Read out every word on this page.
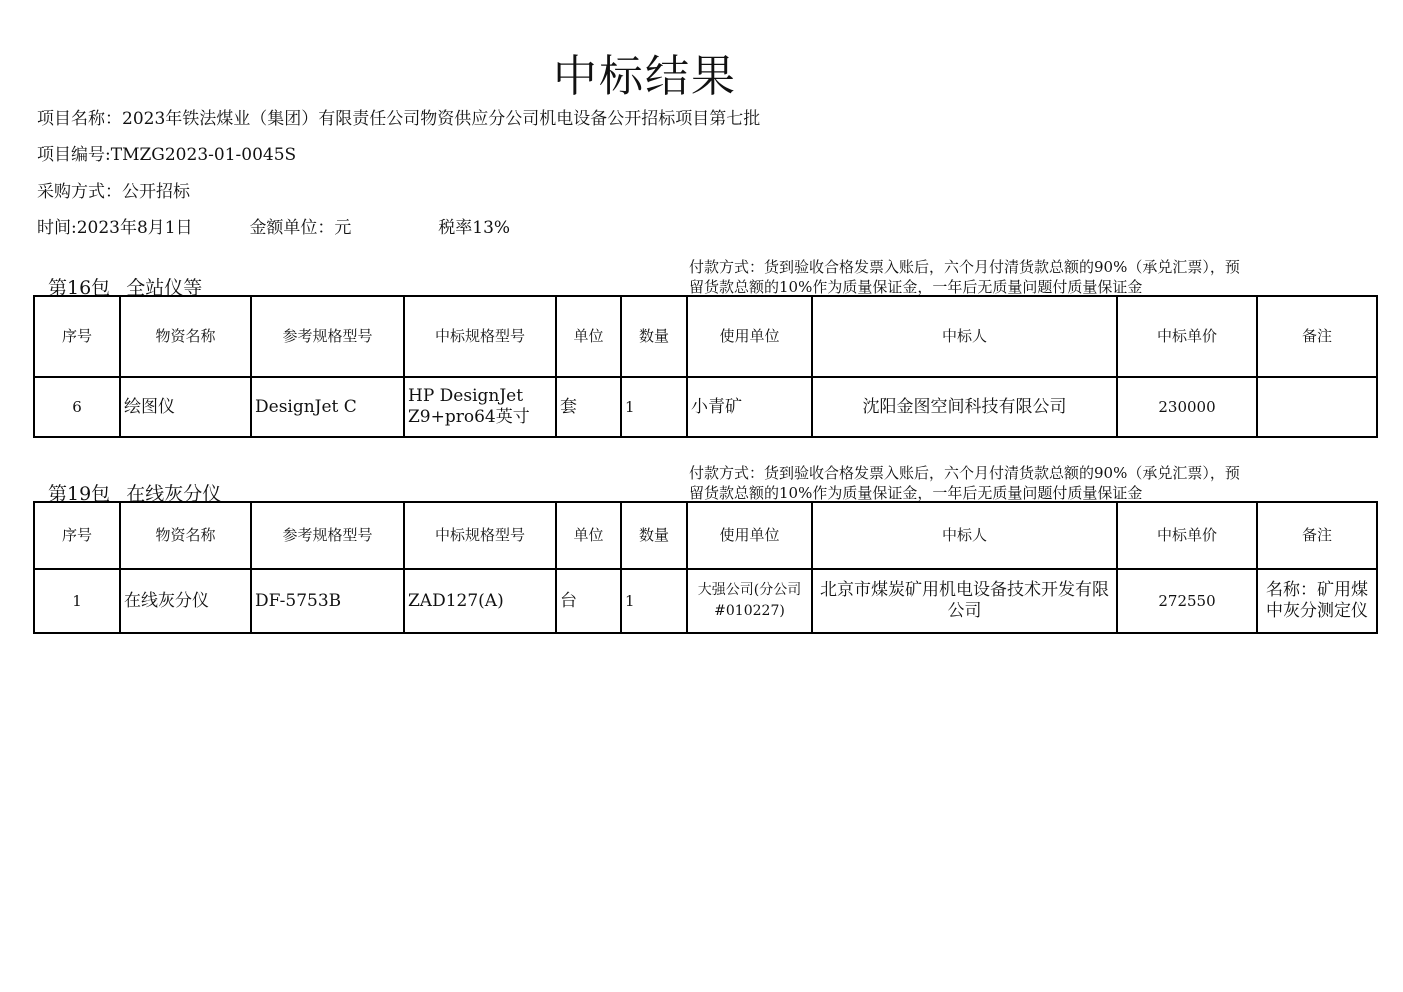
中标结果
项目名称：2023年铁法煤业（集团）有限责任公司物资供应分公司机电设备公开招标项目第七批
项目编号:TMZG2023-01-0045S
采购方式：公开招标
时间:2023年8月1日	金额单位：元	税率13%
第16包 全站仪等
付款方式：货到验收合格发票入账后，六个月付清货款总额的90%（承兑汇票），预留货款总额的10%作为质量保证金，一年后无质量问题付质量保证金
序号	物资名称	参考规格型号	中标规格型号	单位	数量	使用单位	中标人	中标单价	备注
6	绘图仪	DesignJet C	HP DesignJet Z9+pro64英寸	套	1	小青矿	沈阳金图空间科技有限公司	230000	
第19包 在线灰分仪
付款方式：货到验收合格发票入账后，六个月付清货款总额的90%（承兑汇票），预留货款总额的10%作为质量保证金，一年后无质量问题付质量保证金
序号	物资名称	参考规格型号	中标规格型号	单位	数量	使用单位	中标人	中标单价	备注
1	在线灰分仪	DF-5753B	ZAD127(A)	台	1	大强公司(分公司#010227)	北京市煤炭矿用机电设备技术开发有限公司	272550	名称：矿用煤中灰分测定仪
